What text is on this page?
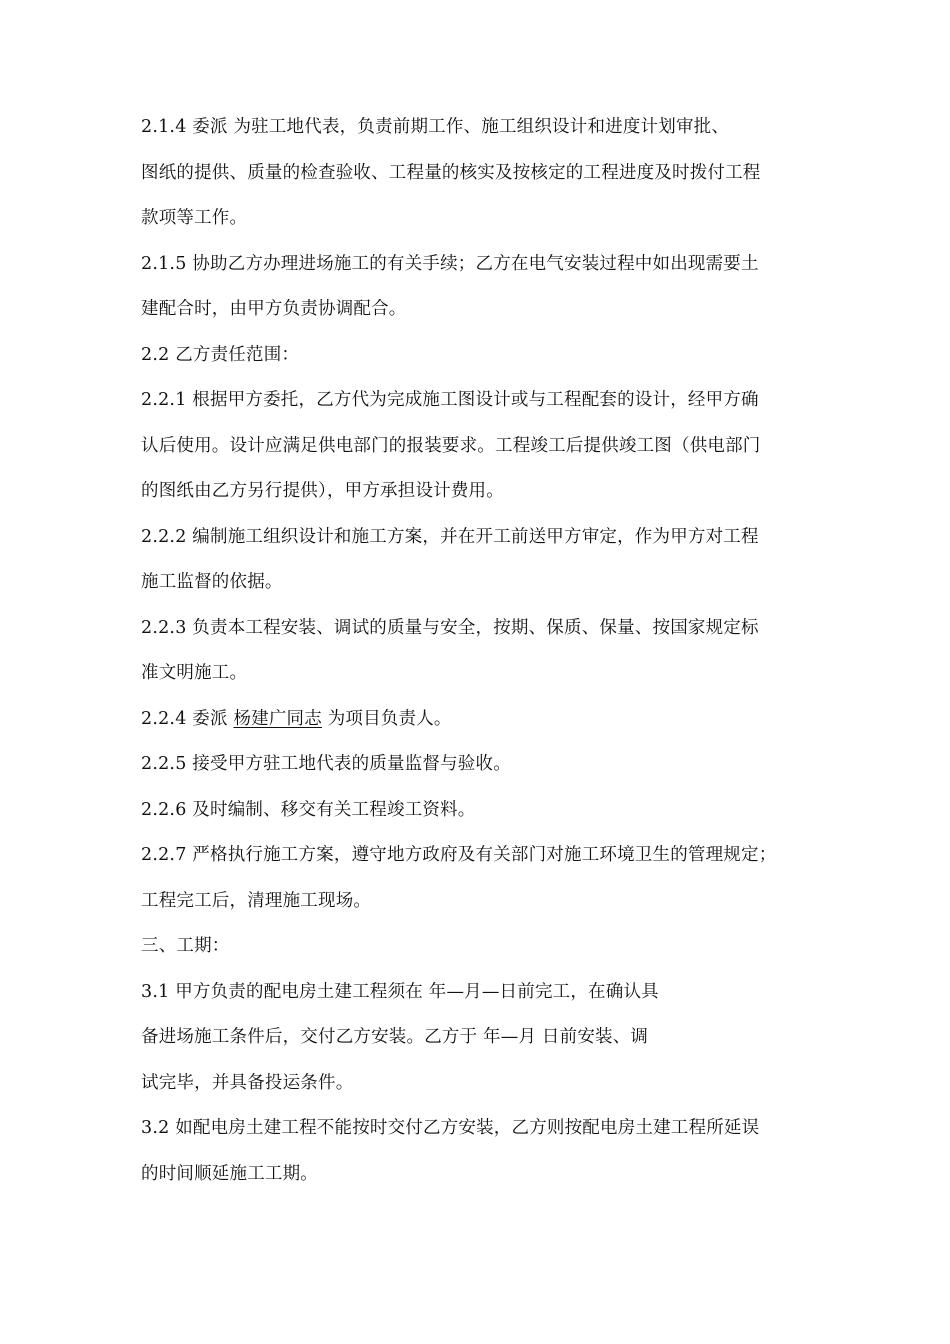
2.1.4 委派 为驻工地代表，负责前期工作、施工组织设计和进度计划审批、
图纸的提供、质量的检查验收、工程量的核实及按核定的工程进度及时拨付工程
款项等工作。
2.1.5 协助乙方办理进场施工的有关手续；乙方在电气安装过程中如出现需要土
建配合时，由甲方负责协调配合。
2.2 乙方责任范围：
2.2.1 根据甲方委托，乙方代为完成施工图设计或与工程配套的设计，经甲方确
认后使用。设计应满足供电部门的报装要求。工程竣工后提供竣工图（供电部门
的图纸由乙方另行提供），甲方承担设计费用。
2.2.2 编制施工组织设计和施工方案，并在开工前送甲方审定，作为甲方对工程
施工监督的依据。
2.2.3 负责本工程安装、调试的质量与安全，按期、保质、保量、按国家规定标
准文明施工。
2.2.4 委派 杨建广同志 为项目负责人。
2.2.5 接受甲方驻工地代表的质量监督与验收。
2.2.6 及时编制、移交有关工程竣工资料。
2.2.7 严格执行施工方案，遵守地方政府及有关部门对施工环境卫生的管理规定；
工程完工后，清理施工现场。
三、工期：
3.1 甲方负责的配电房土建工程须在 年—月—日前完工，在确认具
备进场施工条件后，交付乙方安装。乙方于 年—月 日前安装、调
试完毕，并具备投运条件。
3.2 如配电房土建工程不能按时交付乙方安装，乙方则按配电房土建工程所延误
的时间顺延施工工期。
